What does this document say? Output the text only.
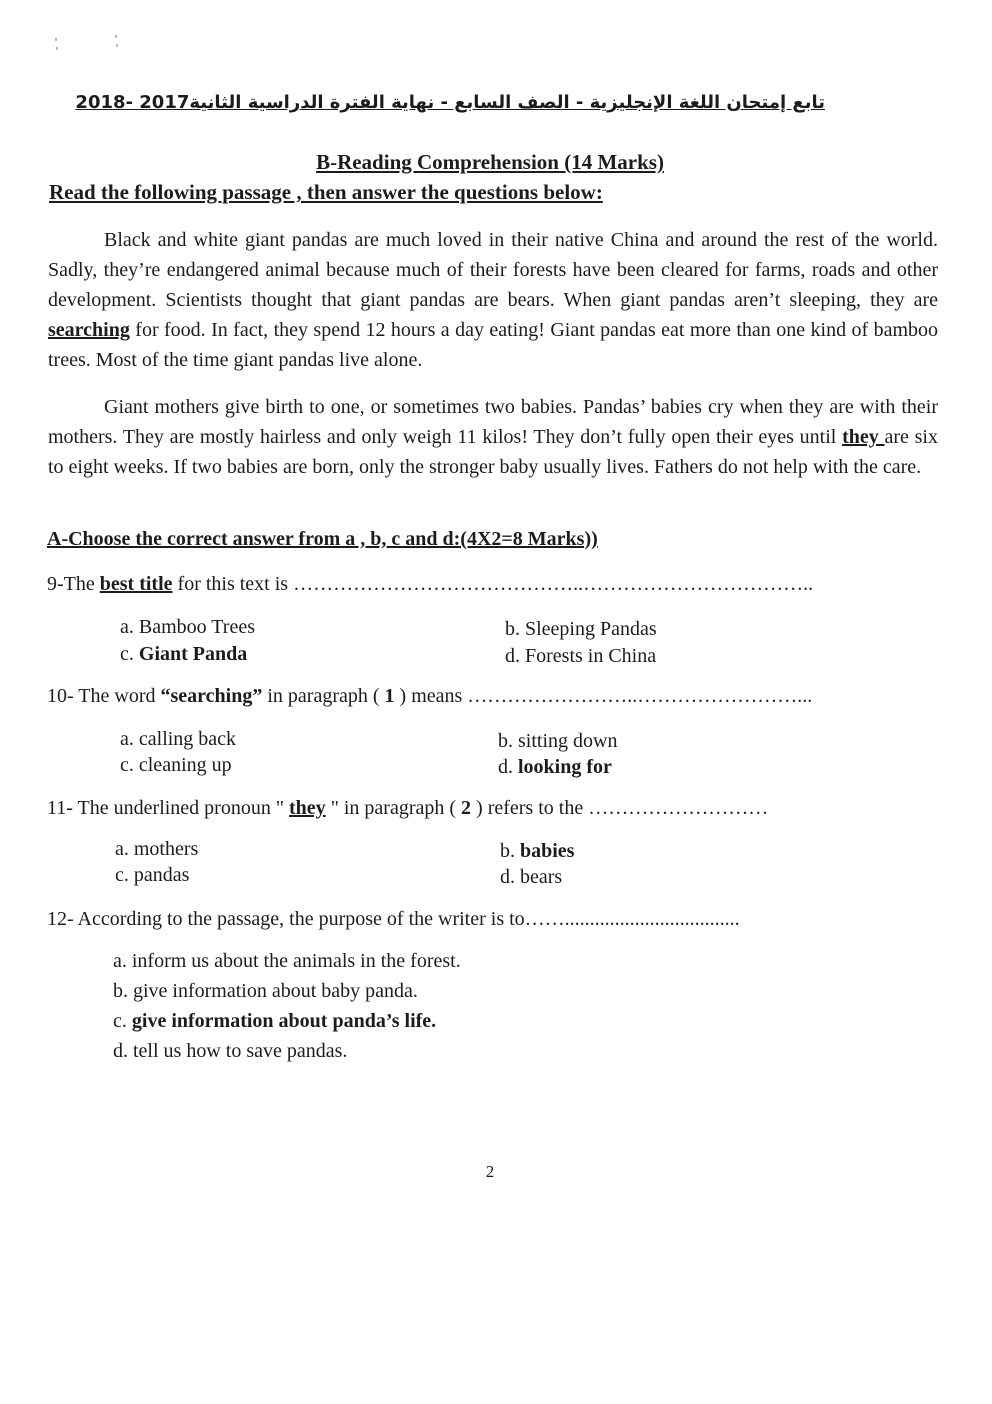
تابع إمتحان اللغة الإنجليزية - الصف السابع - نهاية الفترة الدراسية الثانية2017 -2018
B-Reading Comprehension (14 Marks)
Read the following passage , then answer the questions below:

Black and white giant pandas are much loved in their native China and around the rest of the world. Sadly, they’re endangered animal because much of their forests have been cleared for farms, roads and other development. Scientists thought that giant pandas are bears. When giant pandas aren’t sleeping, they are searching for food. In fact, they spend 12 hours a day eating! Giant pandas eat more than one kind of bamboo trees. Most of the time giant pandas live alone.

Giant mothers give birth to one, or sometimes two babies. Pandas’ babies cry when they are with their mothers. They are mostly hairless and only weigh 11 kilos! They don’t fully open their eyes until they are six to eight weeks. If two babies are born, only the stronger baby usually lives. Fathers do not help with the care.

A-Choose the correct answer from a , b, c and d:(4X2=8 Marks))
9-The best title for this text is ……………………………………..……………………………..
a. Bamboo Trees	b. Sleeping Pandas
c. Giant Panda	d. Forests in China
10- The word “searching” in paragraph ( 1 ) means ……………………..……………………...
a. calling back	b. sitting down
c. cleaning up	d. looking for
11- The underlined pronoun " they " in paragraph ( 2 ) refers to the ………………………
a. mothers	b. babies
c. pandas	d. bears
12- According to the passage, the purpose of the writer is to……...................................
a. inform us about the animals in the forest.
b. give information about baby panda.
c. give information about panda’s life.
d. tell us how to save pandas.
2
